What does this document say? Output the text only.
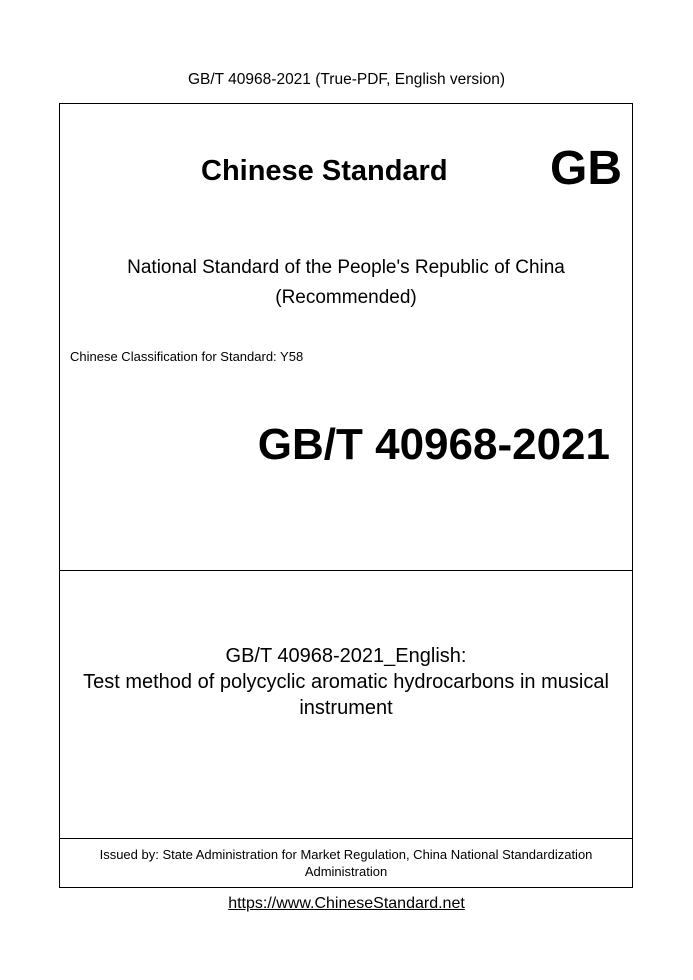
GB/T 40968-2021 (True-PDF, English version)
Chinese Standard GB
National Standard of the People's Republic of China
(Recommended)
Chinese Classification for Standard: Y58
GB/T 40968-2021
GB/T 40968-2021_English:
Test method of polycyclic aromatic hydrocarbons in musical
instrument
Issued by: State Administration for Market Regulation, China National Standardization
Administration
https://www.ChineseStandard.net
